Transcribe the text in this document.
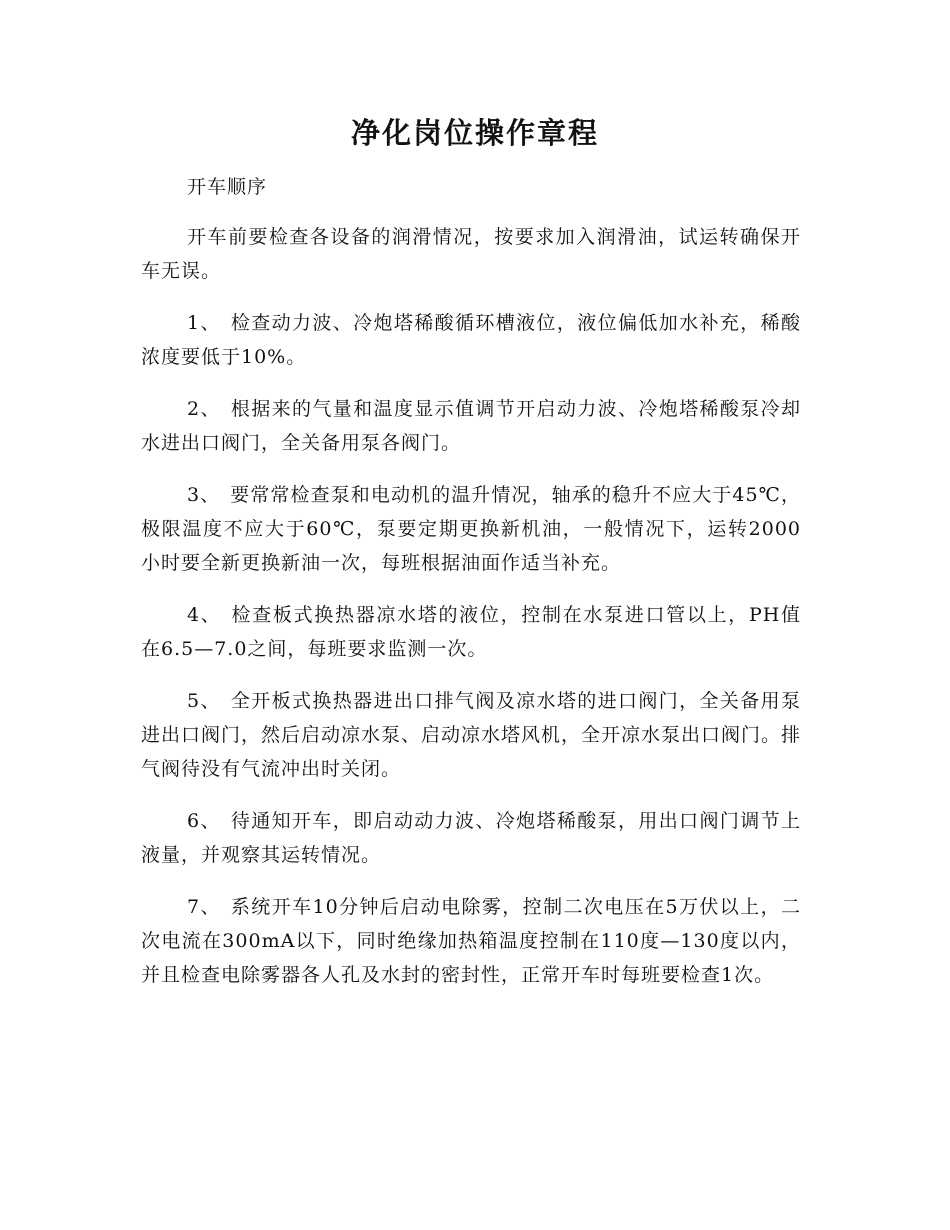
净化岗位操作章程

开车顺序

开车前要检查各设备的润滑情况，按要求加入润滑油，试运转确保开车无误。

1、 检查动力波、冷炮塔稀酸循环槽液位，液位偏低加水补充，稀酸浓度要低于10%。

2、 根据来的气量和温度显示值调节开启动力波、冷炮塔稀酸泵冷却水进出口阀门，全关备用泵各阀门。

3、 要常常检查泵和电动机的温升情况，轴承的稳升不应大于45℃，极限温度不应大于60℃，泵要定期更换新机油，一般情况下，运转2000小时要全新更换新油一次，每班根据油面作适当补充。

4、 检查板式换热器凉水塔的液位，控制在水泵进口管以上，PH值在6.5—7.0之间，每班要求监测一次。

5、 全开板式换热器进出口排气阀及凉水塔的进口阀门，全关备用泵进出口阀门，然后启动凉水泵、启动凉水塔风机，全开凉水泵出口阀门。排气阀待没有气流冲出时关闭。

6、 待通知开车，即启动动力波、冷炮塔稀酸泵，用出口阀门调节上液量，并观察其运转情况。

7、 系统开车10分钟后启动电除雾，控制二次电压在5万伏以上，二次电流在300mA以下，同时绝缘加热箱温度控制在110度—130度以内，并且检查电除雾器各人孔及水封的密封性，正常开车时每班要检查1次。
